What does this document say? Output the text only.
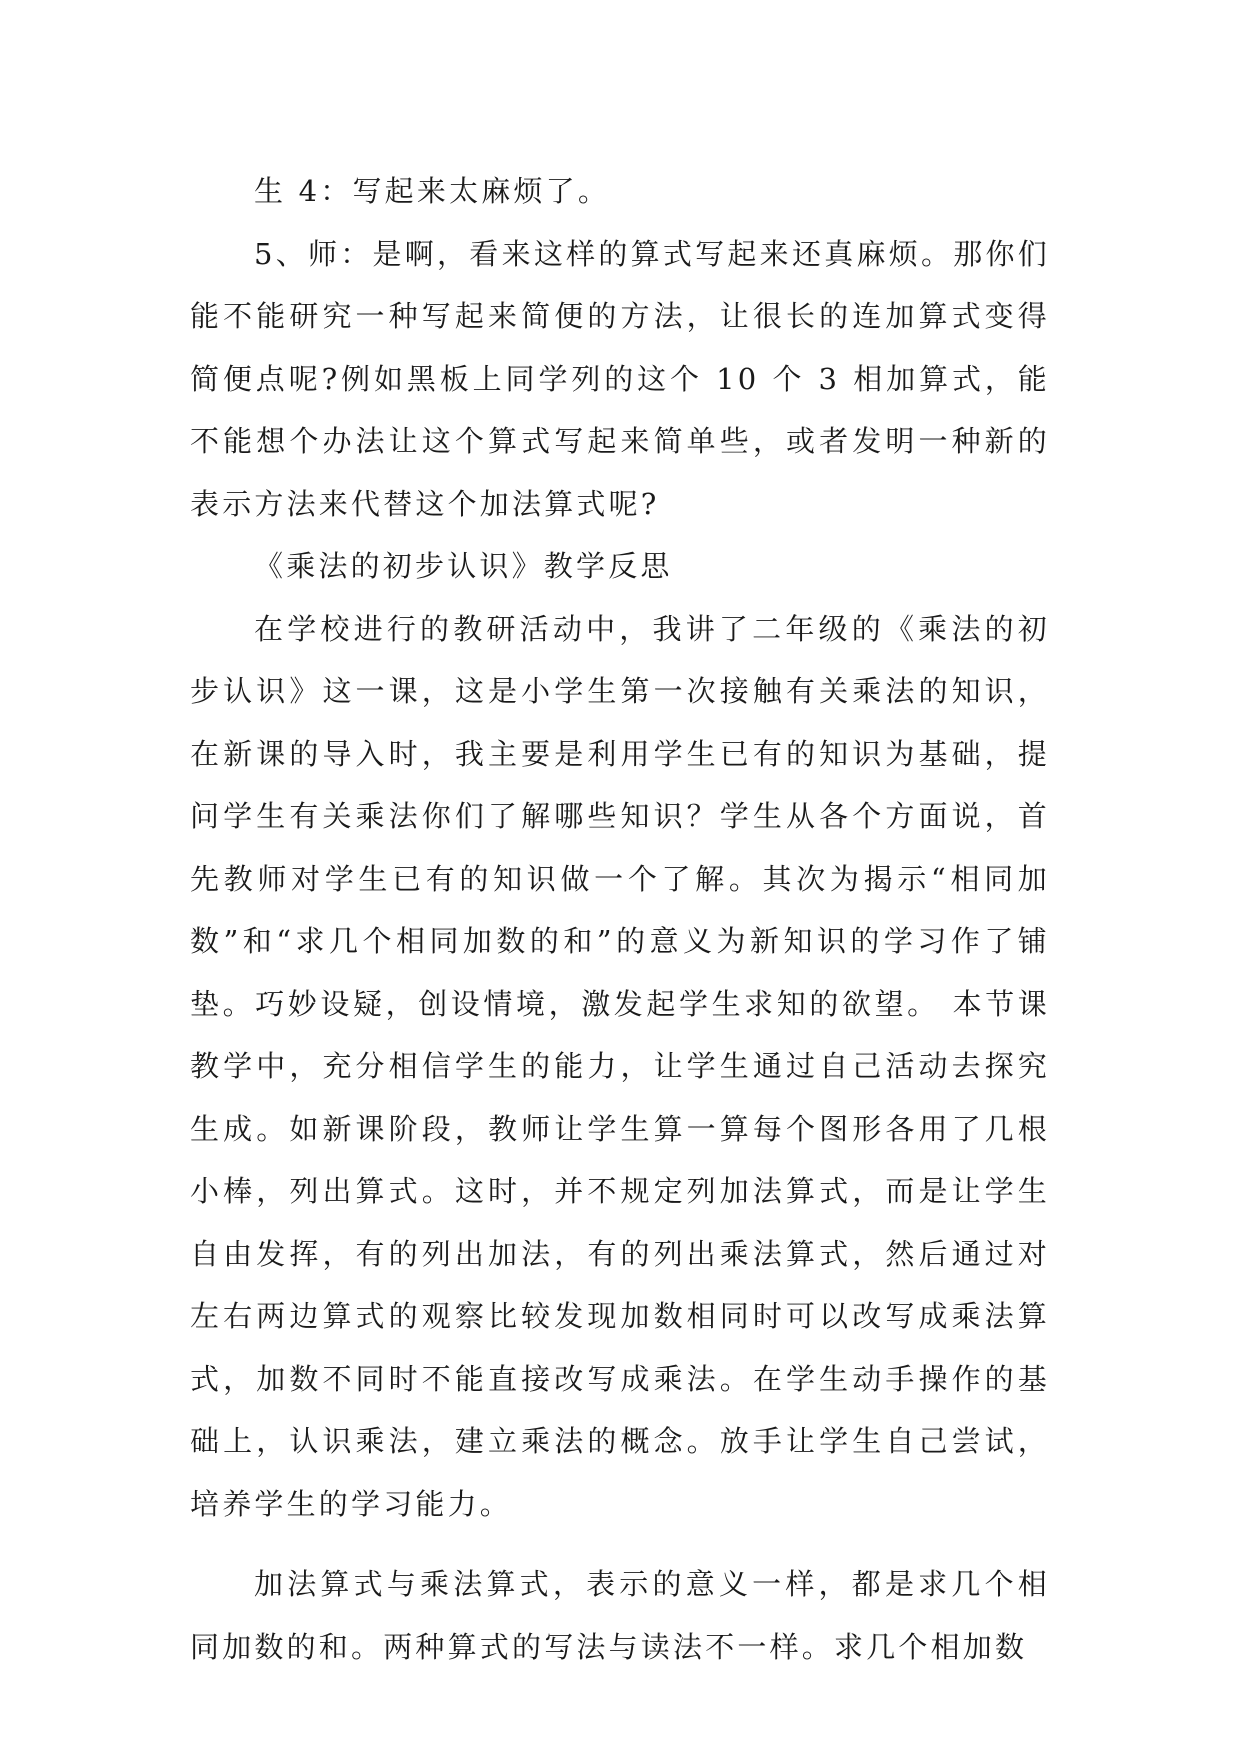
生 4：写起来太麻烦了。

5、师：是啊，看来这样的算式写起来还真麻烦。那你们能不能研究一种写起来简便的方法，让很长的连加算式变得简便点呢?例如黑板上同学列的这个 10 个 3 相加算式，能不能想个办法让这个算式写起来简单些，或者发明一种新的表示方法来代替这个加法算式呢?

《乘法的初步认识》教学反思

在学校进行的教研活动中，我讲了二年级的《乘法的初步认识》这一课，这是小学生第一次接触有关乘法的知识，在新课的导入时，我主要是利用学生已有的知识为基础，提问学生有关乘法你们了解哪些知识？学生从各个方面说，首先教师对学生已有的知识做一个了解。其次为揭示“相同加数”和“求几个相同加数的和”的意义为新知识的学习作了铺垫。巧妙设疑，创设情境，激发起学生求知的欲望。 本节课教学中，充分相信学生的能力，让学生通过自己活动去探究生成。如新课阶段，教师让学生算一算每个图形各用了几根小棒，列出算式。这时，并不规定列加法算式，而是让学生自由发挥，有的列出加法，有的列出乘法算式，然后通过对左右两边算式的观察比较发现加数相同时可以改写成乘法算式，加数不同时不能直接改写成乘法。在学生动手操作的基础上，认识乘法，建立乘法的概念。放手让学生自己尝试，培养学生的学习能力。

加法算式与乘法算式，表示的意义一样，都是求几个相同加数的和。两种算式的写法与读法不一样。求几个相加数
